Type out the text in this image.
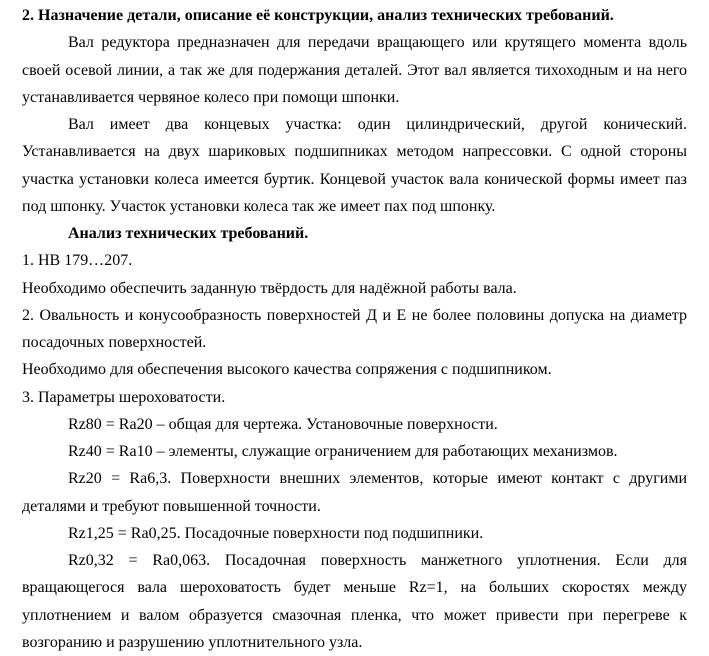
2. Назначение детали, описание её конструкции, анализ технических требований.

Вал редуктора предназначен для передачи вращающего или крутящего момента вдоль своей осевой линии, а так же для подержания деталей. Этот вал является тихоходным и на него устанавливается червяное колесо при помощи шпонки.

Вал имеет два концевых участка: один цилиндрический, другой конический. Устанавливается на двух шариковых подшипниках методом напрессовки. С одной стороны участка установки колеса имеется буртик. Концевой участок вала конической формы имеет паз под шпонку. Участок установки колеса так же имеет пах под шпонку.

Анализ технических требований.

1. НВ 179…207.

Необходимо обеспечить заданную твёрдость для надёжной работы вала.

2. Овальность и конусообразность поверхностей Д и Е не более половины допуска на диаметр посадочных поверхностей.

Необходимо для обеспечения высокого качества сопряжения с подшипником.

3. Параметры шероховатости.

Rz80 = Ra20 – общая для чертежа. Установочные поверхности.

Rz40 = Ra10 – элементы, служащие ограничением для работающих механизмов.

Rz20 = Ra6,3. Поверхности внешних элементов, которые имеют контакт с другими деталями и требуют повышенной точности.

Rz1,25 = Ra0,25. Посадочные поверхности под подшипники.

Rz0,32 = Ra0,063. Посадочная поверхность манжетного уплотнения. Если для вращающегося вала шероховатость будет меньше Rz=1, на больших скоростях между уплотнением и валом образуется смазочная пленка, что может привести при перегреве к возгоранию и разрушению уплотнительного узла.
